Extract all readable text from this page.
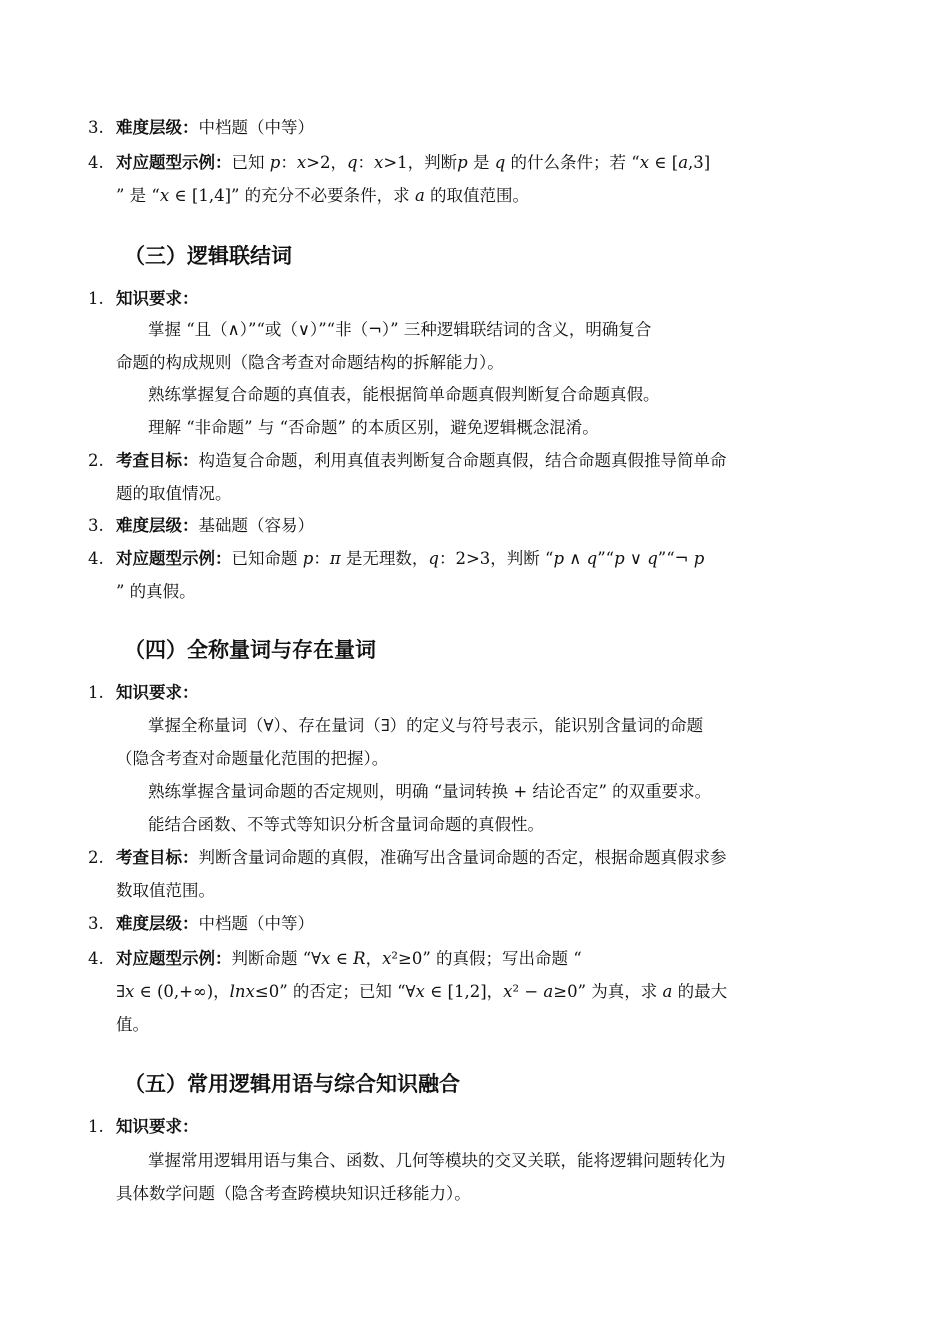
3. 难度层级：中档题（中等）
4. 对应题型示例：已知 p：x>2，q：x>1，判断p 是 q 的什么条件；若 “x ∈ [a,3]
” 是 “x ∈ [1,4]” 的充分不必要条件，求 a 的取值范围。
（三）逻辑联结词
1. 知识要求：
掌握 “且（∧）”“或（∨）”“非（¬）” 三种逻辑联结词的含义，明确复合
命题的构成规则（隐含考查对命题结构的拆解能力）。
熟练掌握复合命题的真值表，能根据简单命题真假判断复合命题真假。
理解 “非命题” 与 “否命题” 的本质区别，避免逻辑概念混淆。
2. 考查目标：构造复合命题，利用真值表判断复合命题真假，结合命题真假推导简单命
题的取值情况。
3. 难度层级：基础题（容易）
4. 对应题型示例：已知命题 p：π 是无理数，q：2>3，判断 “p ∧ q”“p ∨ q”“¬ p
” 的真假。
（四）全称量词与存在量词
1. 知识要求：
掌握全称量词（∀）、存在量词（∃）的定义与符号表示，能识别含量词的命题
（隐含考查对命题量化范围的把握）。
熟练掌握含量词命题的否定规则，明确 “量词转换 + 结论否定” 的双重要求。
能结合函数、不等式等知识分析含量词命题的真假性。
2. 考查目标：判断含量词命题的真假，准确写出含量词命题的否定，根据命题真假求参
数取值范围。
3. 难度层级：中档题（中等）
4. 对应题型示例：判断命题 “∀x ∈ R，x²≥0” 的真假；写出命题 “
∃x ∈ (0,+∞)，lnx≤0” 的否定；已知 “∀x ∈ [1,2]，x² − a≥0” 为真，求 a 的最大
值。
（五）常用逻辑用语与综合知识融合
1. 知识要求：
掌握常用逻辑用语与集合、函数、几何等模块的交叉关联，能将逻辑问题转化为
具体数学问题（隐含考查跨模块知识迁移能力）。
